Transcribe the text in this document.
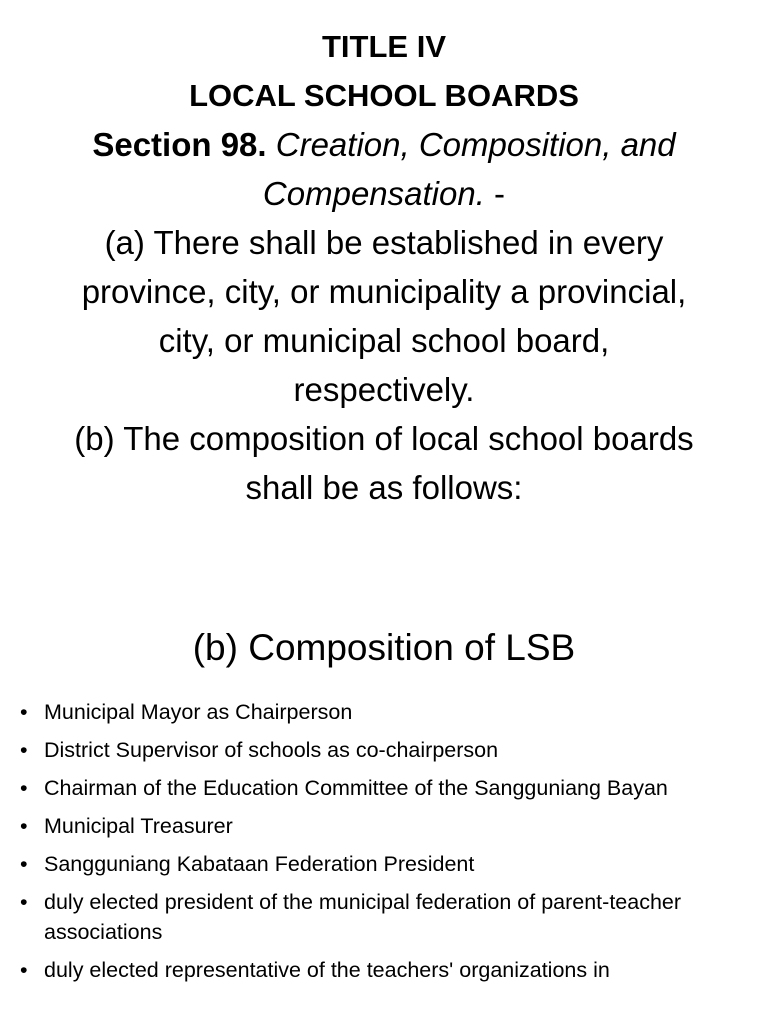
TITLE IV
LOCAL SCHOOL BOARDS
Section 98. Creation, Composition, and
Compensation. -
(a) There shall be established in every
province, city, or municipality a provincial,
city, or municipal school board,
respectively.
(b) The composition of local school boards
shall be as follows:
(b) Composition of LSB
• Municipal Mayor as Chairperson
• District Supervisor of schools as co-chairperson
• Chairman of the Education Committee of the Sangguniang Bayan
• Municipal Treasurer
• Sangguniang Kabataan Federation President
• duly elected president of the municipal federation of parent-teacher associations
• duly elected representative of the teachers' organizations in
